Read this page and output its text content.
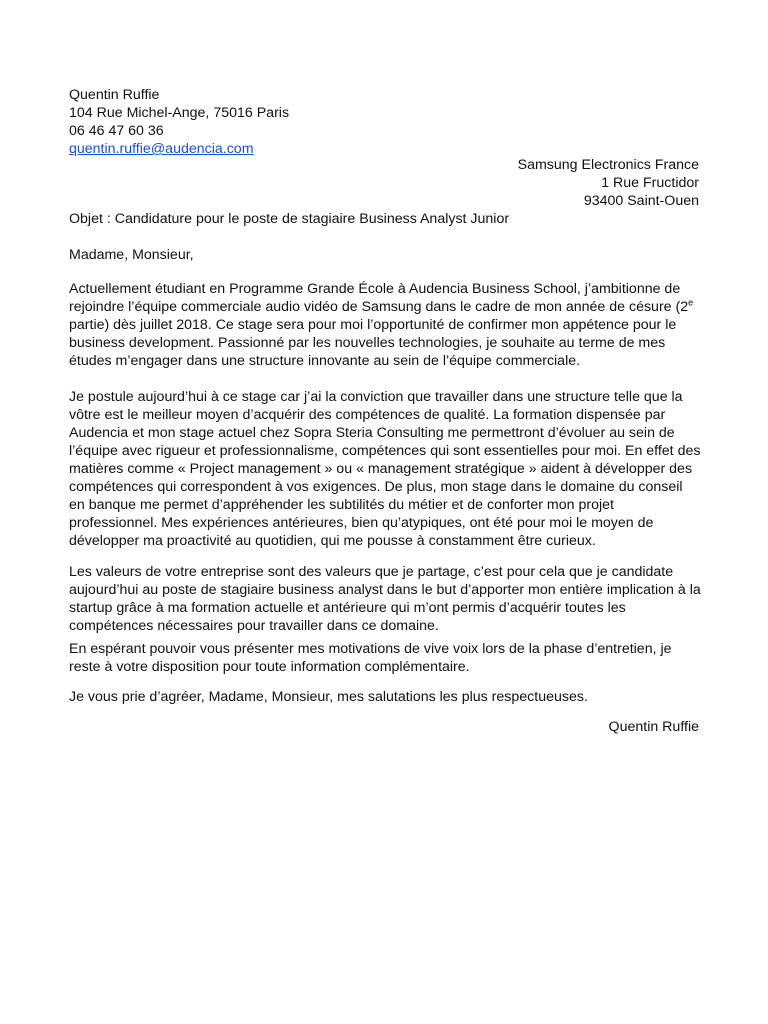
Quentin Ruffie
104 Rue Michel-Ange, 75016 Paris
06 46 47 60 36
quentin.ruffie@audencia.com
Samsung Electronics France
1 Rue Fructidor
93400 Saint-Ouen
Objet : Candidature pour le poste de stagiaire Business Analyst Junior
Madame, Monsieur,

Actuellement étudiant en Programme Grande École à Audencia Business School, j’ambitionne de rejoindre l’équipe commerciale audio vidéo de Samsung dans le cadre de mon année de césure (2e partie) dès juillet 2018. Ce stage sera pour moi l’opportunité de confirmer mon appétence pour le business development. Passionné par les nouvelles technologies, je souhaite au terme de mes études m’engager dans une structure innovante au sein de l’équipe commerciale.

Je postule aujourd’hui à ce stage car j’ai la conviction que travailler dans une structure telle que la vôtre est le meilleur moyen d’acquérir des compétences de qualité. La formation dispensée par Audencia et mon stage actuel chez Sopra Steria Consulting me permettront d’évoluer au sein de l’équipe avec rigueur et professionnalisme, compétences qui sont essentielles pour moi. En effet des matières comme « Project management » ou « management stratégique » aident à développer des compétences qui correspondent à vos exigences. De plus, mon stage dans le domaine du conseil en banque me permet d’appréhender les subtilités du métier et de conforter mon projet professionnel. Mes expériences antérieures, bien qu’atypiques, ont été pour moi le moyen de développer ma proactivité au quotidien, qui me pousse à constamment être curieux.

Les valeurs de votre entreprise sont des valeurs que je partage, c’est pour cela que je candidate aujourd’hui au poste de stagiaire business analyst dans le but d’apporter mon entière implication à la startup grâce à ma formation actuelle et antérieure qui m’ont permis d’acquérir toutes les compétences nécessaires pour travailler dans ce domaine.

En espérant pouvoir vous présenter mes motivations de vive voix lors de la phase d’entretien, je reste à votre disposition pour toute information complémentaire.

Je vous prie d’agréer, Madame, Monsieur, mes salutations les plus respectueuses.
Quentin Ruffie
